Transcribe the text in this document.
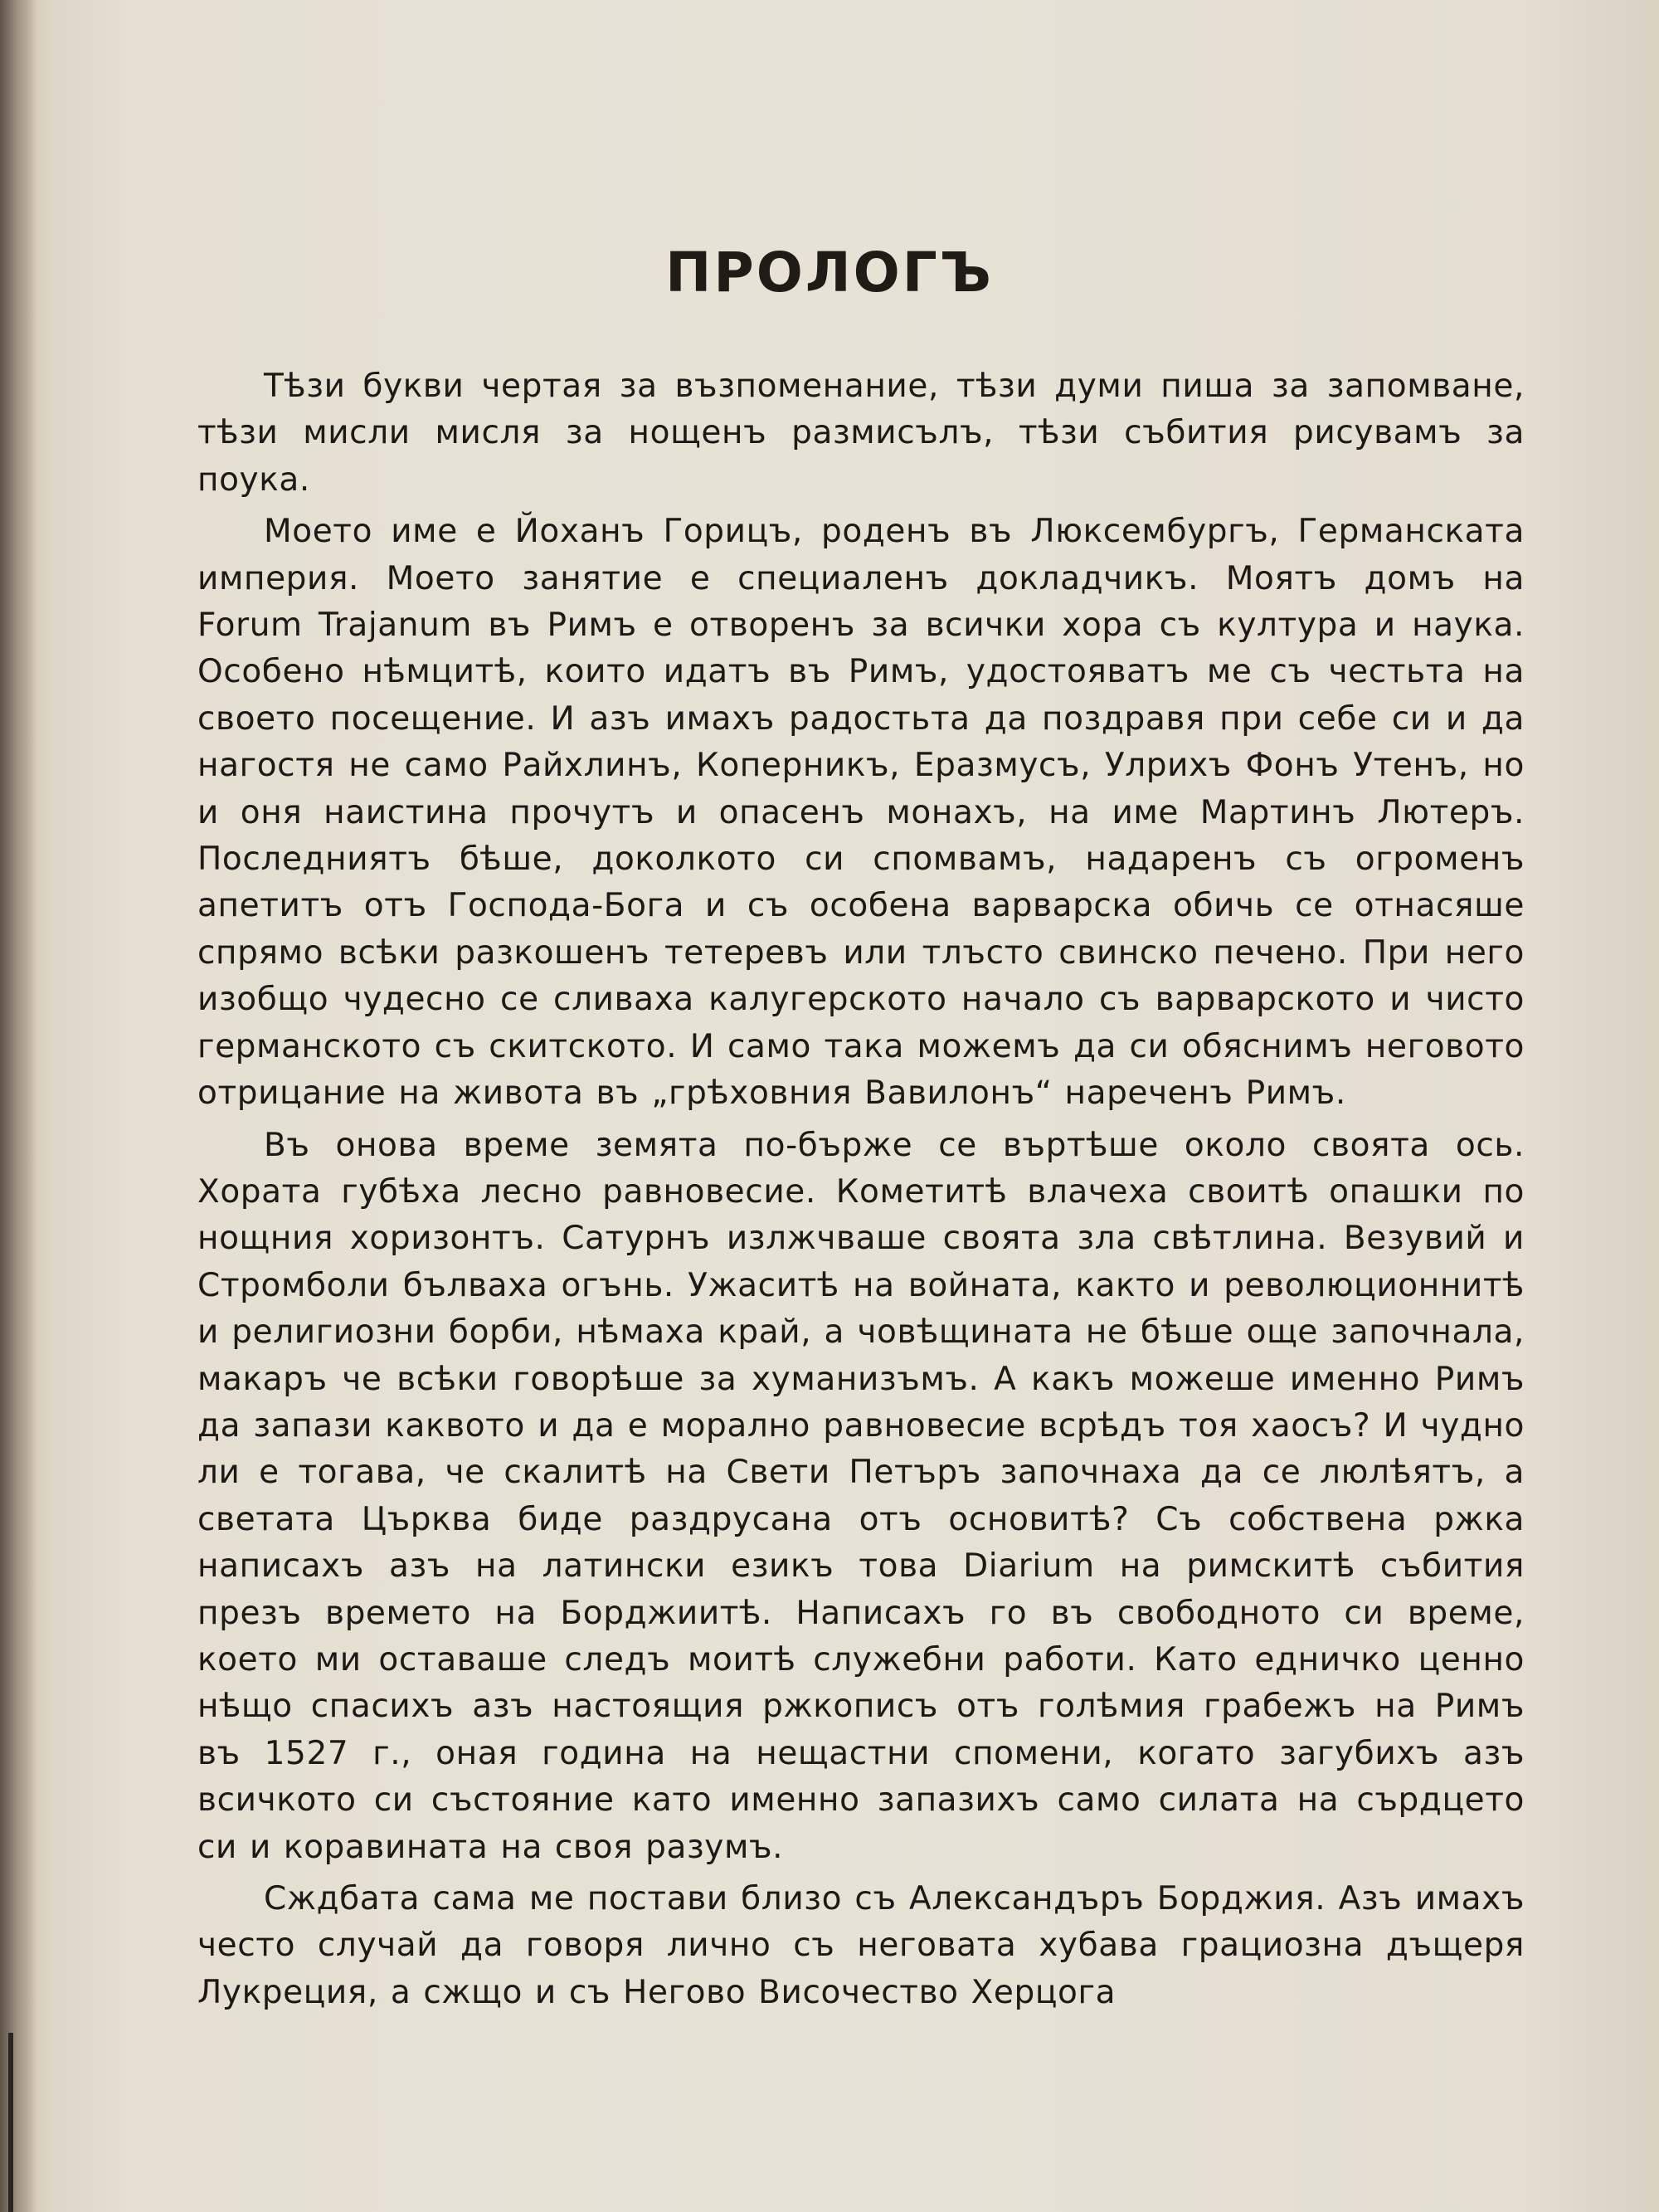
ПРОЛОГЪ

Тѣзи букви чертая за възпоменание, тѣзи думи пиша за запомване, тѣзи мисли мисля за нощенъ размисълъ, тѣзи събития рисувамъ за поука.

Моето име е Йоханъ Горицъ, роденъ въ Люксембургъ, Германската империя. Моето занятие е специаленъ докладчикъ. Моятъ домъ на Forum Trajanum въ Римъ е отворенъ за всички хора съ култура и наука. Особено нѣмцитѣ, които идатъ въ Римъ, удостояватъ ме съ честьта на своето посещение. И азъ имахъ радостьта да поздравя при себе си и да нагостя не само Райхлинъ, Коперникъ, Еразмусъ, Улрихъ Фонъ Утенъ, но и оня наистина прочутъ и опасенъ монахъ, на име Мартинъ Лютеръ. Последниятъ бѣше, доколкото си спомвамъ, надаренъ съ огроменъ апетитъ отъ Господа-Бога и съ особена варварска обичь се отнасяше спрямо всѣки разкошенъ тетеревъ или тлъсто свинско печено. При него изобщо чудесно се сливаха калугерското начало съ варварското и чисто германското съ скитското. И само така можемъ да си обяснимъ неговото отрицание на живота въ „грѣховния Вавилонъ“ нареченъ Римъ.

Въ онова време земята по-бърже се въртѣше около своята ось. Хората губѣха лесно равновесие. Кометитѣ влачеха своитѣ опашки по нощния хоризонтъ. Сатурнъ излжчваше своята зла свѣтлина. Везувий и Стромболи бълваха огънь. Ужаситѣ на войната, както и революционнитѣ и религиозни борби, нѣмаха край, а човѣщината не бѣше още започнала, макаръ че всѣки говорѣше за хуманизъмъ. А какъ можеше именно Римъ да запази каквото и да е морално равновесие всрѣдъ тоя хаосъ? И чудно ли е тогава, че скалитѣ на Свети Петъръ започнаха да се люлѣятъ, а светата Църква биде раздрусана отъ основитѣ? Съ собствена ржка написахъ азъ на латински езикъ това Diarium на римскитѣ събития презъ времето на Борджиитѣ. Написахъ го въ свободното си време, което ми оставаше следъ моитѣ служебни работи. Като едничко ценно нѣщо спасихъ азъ настоящия ржкописъ отъ голѣмия грабежъ на Римъ въ 1527 г., оная година на нещастни спомени, когато загубихъ азъ всичкото си състояние като именно запазихъ само силата на сърдцето си и коравината на своя разумъ.

Сждбата сама ме постави близо съ Александъръ Борджия. Азъ имахъ често случай да говоря лично съ неговата хубава грациозна дъщеря Лукреция, а сжщо и съ Негово Височество Херцога
